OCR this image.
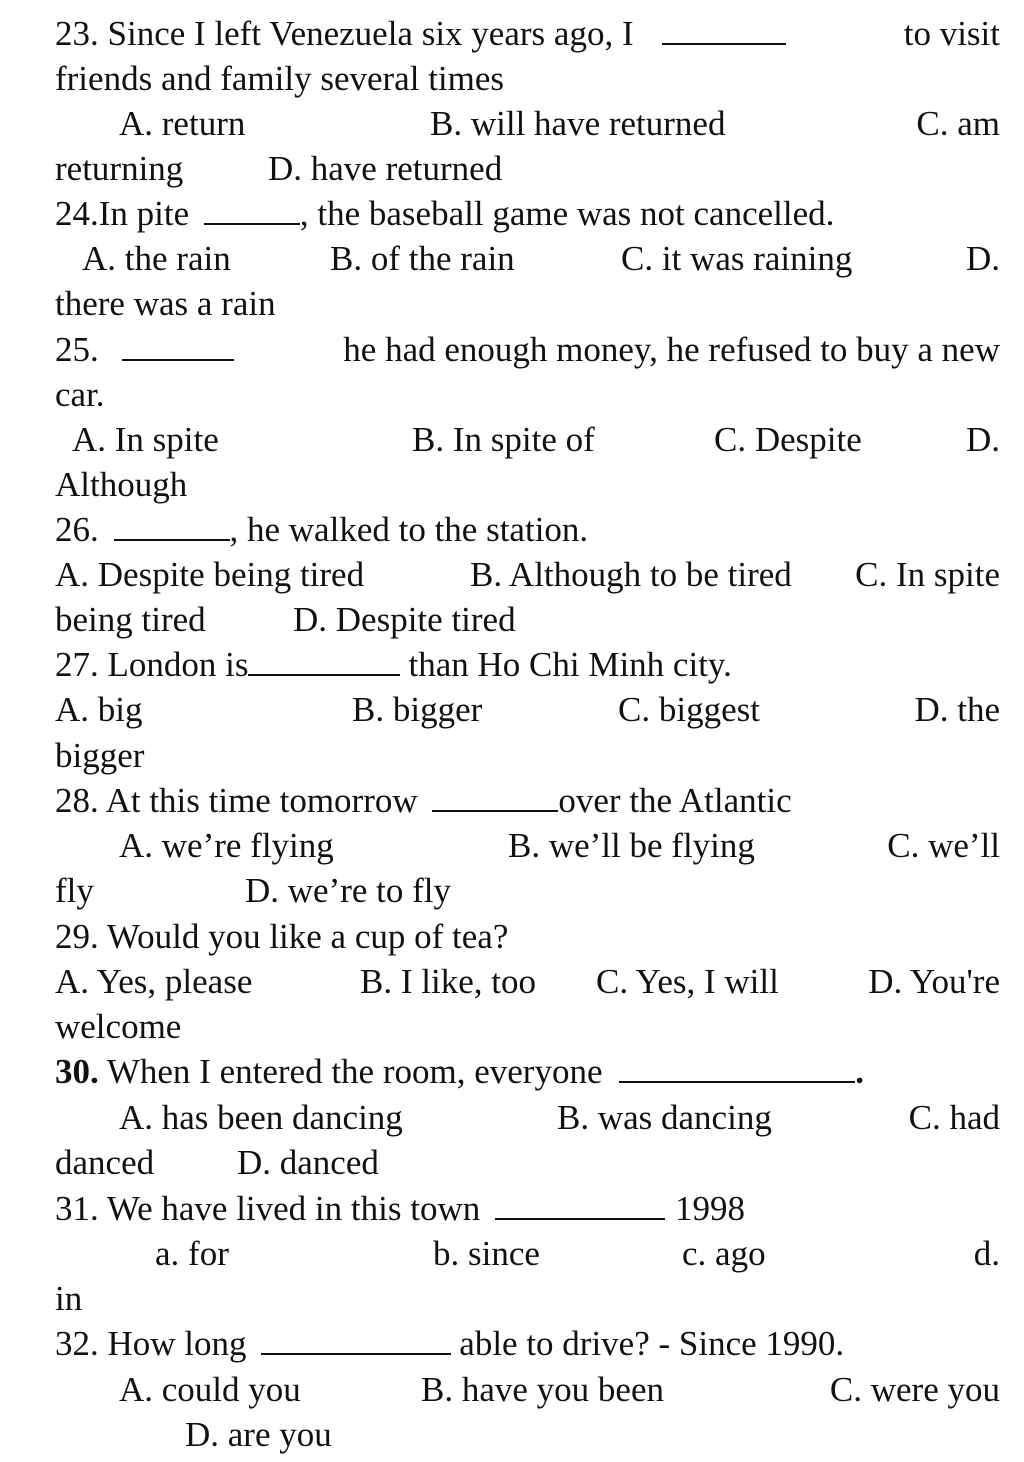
23. Since I left Venezuela six years ago, I	to visit
friends and family several times
A. return	B. will have returned	C. am
returning D. have returned
24.In pite	, the baseball game was not cancelled.
A. the rain	B. of the rain	C. it was raining	D.
there was a rain
25.	he had enough money, he refused to buy a new
car.
A. In spite	B. In spite of	C. Despite	D.
Although
26.	, he walked to the station.
A. Despite being tired	B. Although to be tired C. In spite
being tired D. Despite tired
27. London is	than Ho Chi Minh city.
A. big	B. bigger	C. biggest	D. the
bigger
28. At this time tomorrow	over the Atlantic
A. we’re flying	B. we’ll be flying	C. we’ll
fly	D. we’re to fly
29. Would you like a cup of tea?
A. Yes, please	B. I like, too C. Yes, I will	D. You're
welcome
30. When I entered the room, everyone	.
A. has been dancing	B. was dancing	C. had
danced D. danced
31. We have lived in this town	1998
a. for	b. since	c. ago	d.
in
32. How long	able to drive? - Since 1990.
A. could you	B. have you been	C. were you
D. are you
